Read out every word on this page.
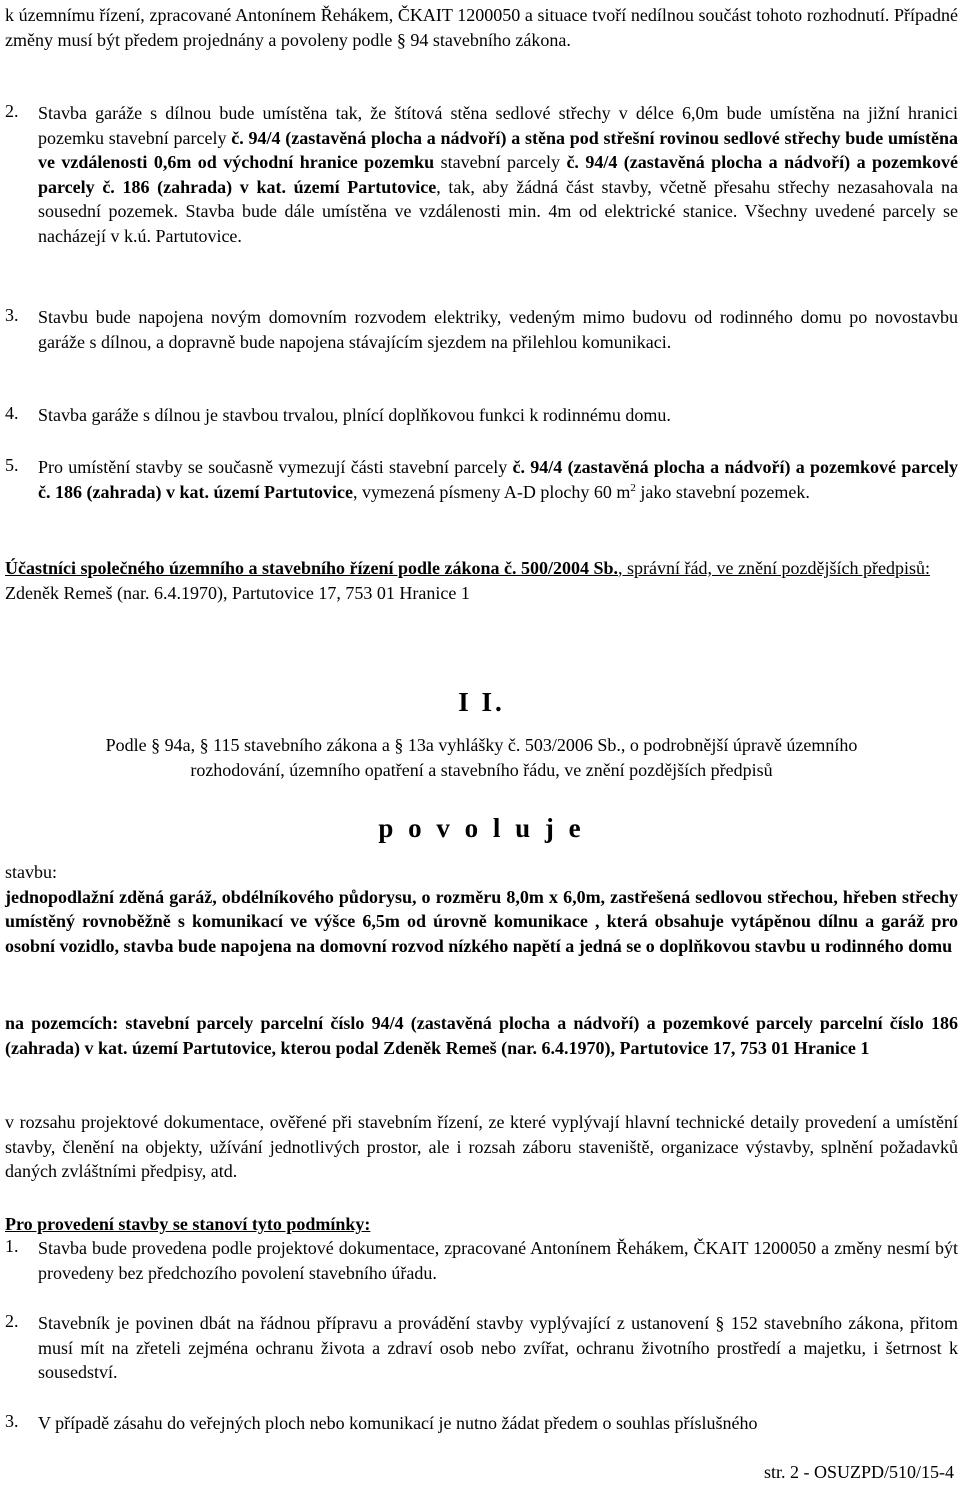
k územnímu řízení, zpracované Antonínem Řehákem, ČKAIT 1200050 a situace tvoří nedílnou součást tohoto rozhodnutí. Případné změny musí být předem projednány a povoleny podle § 94 stavebního zákona.

2.	Stavba garáže s dílnou bude umístěna tak, že štítová stěna sedlové střechy v délce 6,0m bude umístěna na jižní hranici pozemku stavební parcely č. 94/4 (zastavěná plocha a nádvoří) a stěna pod střešní rovinou sedlové střechy bude umístěna ve vzdálenosti 0,6m od východní hranice pozemku stavební parcely č. 94/4 (zastavěná plocha a nádvoří) a pozemkové parcely č. 186 (zahrada) v kat. území Partutovice, tak, aby žádná část stavby, včetně přesahu střechy nezasahovala na sousední pozemek. Stavba bude dále umístěna ve vzdálenosti min. 4m od elektrické stanice. Všechny uvedené parcely se nacházejí v k.ú. Partutovice.

3.	Stavbu bude napojena novým domovním rozvodem elektriky, vedeným mimo budovu od rodinného domu po novostavbu garáže s dílnou, a dopravně bude napojena stávajícím sjezdem na přilehlou komunikaci.

4.	Stavba garáže s dílnou je stavbou trvalou, plnící doplňkovou funkci k rodinnému domu.

5.	Pro umístění stavby se současně vymezují části stavební parcely č. 94/4 (zastavěná plocha a nádvoří) a pozemkové parcely č. 186 (zahrada) v kat. území Partutovice, vymezená písmeny A-D plochy 60 $m^2$ jako stavební pozemek.

Účastníci společného územního a stavebního řízení podle zákona č. 500/2004 Sb., správní řád, ve znění pozdějších předpisů:

Zdeněk Remeš (nar. 6.4.1970), Partutovice 17, 753 01 Hranice 1

I I.

Podle § 94a, § 115 stavebního zákona a § 13a vyhlášky č. 503/2006 Sb., o podrobnější úpravě územního rozhodování, územního opatření a stavebního řádu, ve znění pozdějších předpisů

p o v o l u j e

stavbu:

jednopodlažní zděná garáž, obdélníkového půdorysu, o rozměru 8,0m x 6,0m, zastřešená sedlovou střechou, hřeben střechy umístěný rovnoběžně s komunikací ve výšce 6,5m od úrovně komunikace , která obsahuje vytápěnou dílnu a garáž pro osobní vozidlo, stavba bude napojena na domovní rozvod nízkého napětí a jedná se o doplňkovou stavbu u rodinného domu

na pozemcích: stavební parcely parcelní číslo 94/4 (zastavěná plocha a nádvoří) a pozemkové parcely parcelní číslo 186 (zahrada) v kat. území Partutovice, kterou podal Zdeněk Remeš (nar. 6.4.1970), Partutovice 17, 753 01 Hranice 1

v rozsahu projektové dokumentace, ověřené při stavebním řízení, ze které vyplývají hlavní technické detaily provedení a umístění stavby, členění na objekty, užívání jednotlivých prostor, ale i rozsah záboru staveniště, organizace výstavby, splnění požadavků daných zvláštními předpisy, atd.

Pro provedení stavby se stanoví tyto podmínky:

1.	Stavba bude provedena podle projektové dokumentace, zpracované Antonínem Řehákem, ČKAIT 1200050 a změny nesmí být provedeny bez předchozího povolení stavebního úřadu.

2.	Stavebník je povinen dbát na řádnou přípravu a provádění stavby vyplývající z ustanovení § 152 stavebního zákona, přitom musí mít na zřeteli zejména ochranu života a zdraví osob nebo zvířat, ochranu životního prostředí a majetku, i šetrnost k sousedství.

3.	V případě zásahu do veřejných ploch nebo komunikací je nutno žádat předem o souhlas příslušného

str. 2 - OSUZPD/510/15-4
